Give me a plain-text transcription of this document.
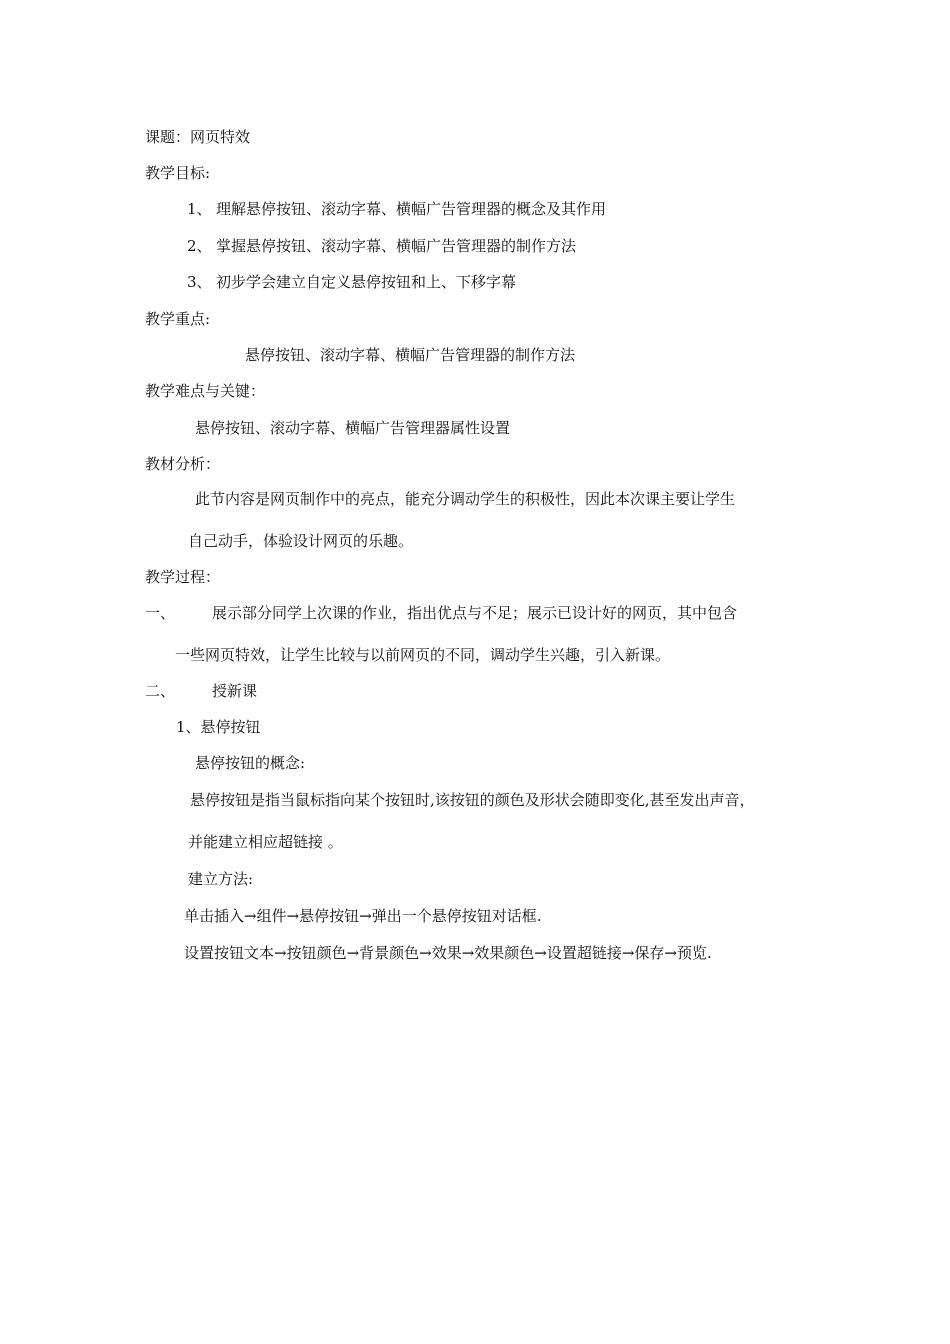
课题：网页特效
教学目标:
1、 理解悬停按钮、滚动字幕、横幅广告管理器的概念及其作用
2、 掌握悬停按钮、滚动字幕、横幅广告管理器的制作方法
3、 初步学会建立自定义悬停按钮和上、下移字幕
教学重点:
悬停按钮、滚动字幕、横幅广告管理器的制作方法
教学难点与关键：
悬停按钮、滚动字幕、横幅广告管理器属性设置
教材分析：
此节内容是网页制作中的亮点，能充分调动学生的积极性，因此本次课主要让学生
自己动手，体验设计网页的乐趣。
教学过程：
一、 展示部分同学上次课的作业，指出优点与不足；展示已设计好的网页，其中包含
一些网页特效，让学生比较与以前网页的不同，调动学生兴趣，引入新课。
二、 授新课
1、悬停按钮
悬停按钮的概念:
悬停按钮是指当鼠标指向某个按钮时,该按钮的颜色及形状会随即变化,甚至发出声音，
并能建立相应超链接 。
建立方法:
单击插入→组件→悬停按钮→弹出一个悬停按钮对话框.
设置按钮文本→按钮颜色→背景颜色→效果→效果颜色→设置超链接→保存→预览.
